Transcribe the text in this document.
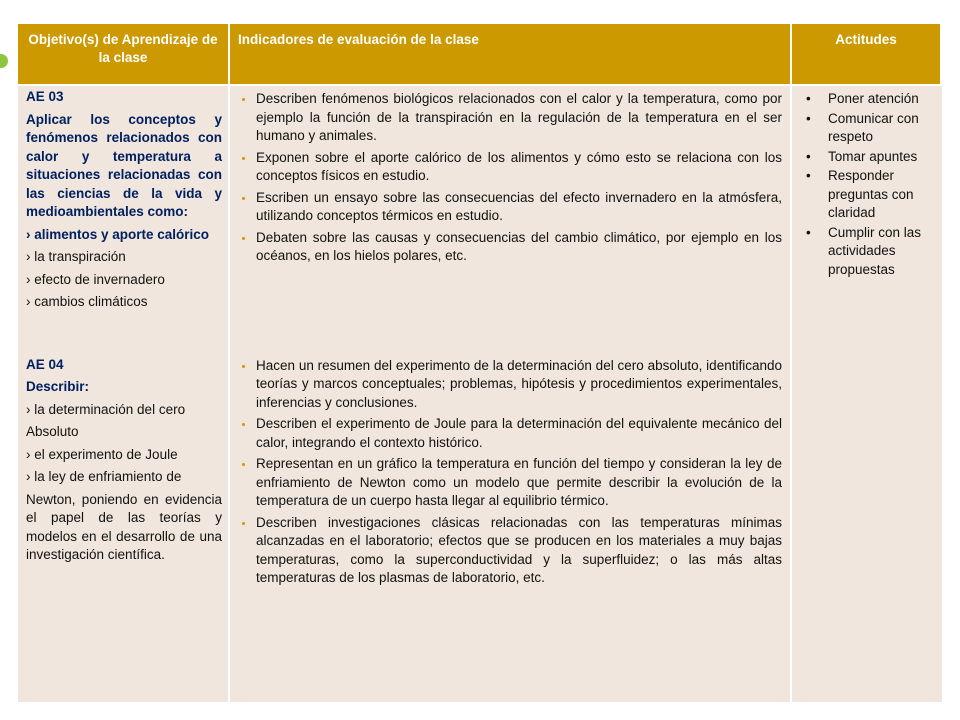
Objetivo(s) de Aprendizaje de la clase
Indicadores de evaluación de la clase	Actitudes

AE 03

Aplicar los conceptos y fenómenos relacionados con calor y temperatura a situaciones relacionadas con las ciencias de la vida y medioambientales como:

› alimentos y aporte calórico

› la transpiración

› efecto de invernadero

› cambios climáticos

AE 04

Describir:

› la determinación del cero

Absoluto

› el experimento de Joule

› la ley de enfriamiento de

Newton, poniendo en evidencia el papel de las teorías y modelos en el desarrollo de una investigación científica.

Describen fenómenos biológicos relacionados con el calor y la temperatura, como por ejemplo la función de la transpiración en la regulación de la temperatura en el ser humano y animales.
Exponen sobre el aporte calórico de los alimentos y cómo esto se relaciona con los conceptos físicos en estudio.
Escriben un ensayo sobre las consecuencias del efecto invernadero en la atmósfera, utilizando conceptos térmicos en estudio.
Debaten sobre las causas y consecuencias del cambio climático, por ejemplo en los océanos, en los hielos polares, etc.
Hacen un resumen del experimento de la determinación del cero absoluto, identificando teorías y marcos conceptuales; problemas, hipótesis y procedimientos experimentales, inferencias y conclusiones.
Describen el experimento de Joule para la determinación del equivalente mecánico del calor, integrando el contexto histórico.
Representan en un gráfico la temperatura en función del tiempo y consideran la ley de enfriamiento de Newton como un modelo que permite describir la evolución de la temperatura de un cuerpo hasta llegar al equilibrio térmico.
Describen investigaciones clásicas relacionadas con las temperaturas mínimas alcanzadas en el laboratorio; efectos que se producen en los materiales a muy bajas temperaturas, como la superconductividad y la superfluidez; o las más altas temperaturas de los plasmas de laboratorio, etc.
• Poner atención
• Comunicar con respeto
• Tomar apuntes
• Responder preguntas con claridad
• Cumplir con las actividades propuestas
